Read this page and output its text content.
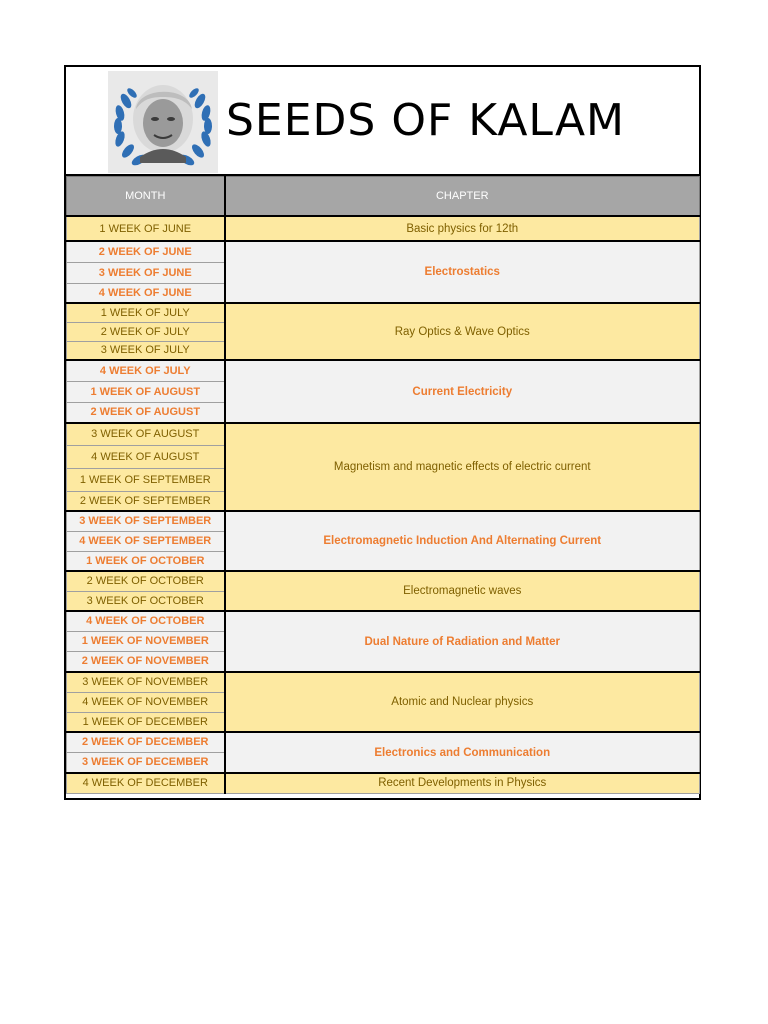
SEEDS OF KALAM
MONTH	CHAPTER
1 WEEK OF JUNE	Basic physics for 12th
2 WEEK OF JUNE	Electrostatics
3 WEEK OF JUNE	
4 WEEK OF JUNE	
1 WEEK OF JULY	Ray Optics & Wave Optics
2 WEEK OF JULY	
3 WEEK OF JULY	
4 WEEK OF JULY	Current Electricity
1 WEEK OF AUGUST	
2 WEEK OF AUGUST	
3 WEEK OF AUGUST	Magnetism and magnetic effects of electric current
4 WEEK OF AUGUST	
1 WEEK OF SEPTEMBER	
2 WEEK OF SEPTEMBER	
3 WEEK OF SEPTEMBER	Electromagnetic Induction And Alternating Current
4 WEEK OF SEPTEMBER	
1 WEEK OF OCTOBER	
2 WEEK OF OCTOBER	Electromagnetic waves
3 WEEK OF OCTOBER	
4 WEEK OF OCTOBER	Dual Nature of Radiation and Matter
1 WEEK OF NOVEMBER	
2 WEEK OF NOVEMBER	
3 WEEK OF NOVEMBER	Atomic and Nuclear physics
4 WEEK OF NOVEMBER	
1 WEEK OF DECEMBER	
2 WEEK OF DECEMBER	Electronics and Communication
3 WEEK OF DECEMBER	
4 WEEK OF DECEMBER	Recent Developments in Physics
